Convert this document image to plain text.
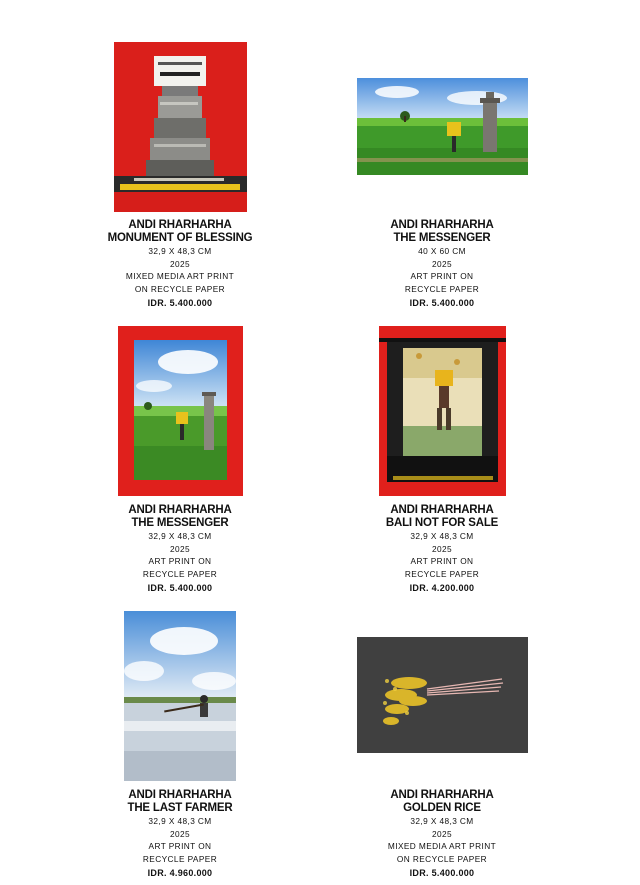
ANDI RHARHARHA
MONUMENT OF BLESSING
32,9 X 48,3 CM
2025
MIXED MEDIA ART PRINT
ON RECYCLE PAPER
IDR. 5.400.000
ANDI RHARHARHA
THE MESSENGER
40 X 60 CM
2025
ART PRINT ON
RECYCLE PAPER
IDR. 5.400.000
ANDI RHARHARHA
THE MESSENGER
32,9 X 48,3 CM
2025
ART PRINT ON
RECYCLE PAPER
IDR. 5.400.000
ANDI RHARHARHA
BALI NOT FOR SALE
32,9 X 48,3 CM
2025
ART PRINT ON
RECYCLE PAPER
IDR. 4.200.000
ANDI RHARHARHA
THE LAST FARMER
32,9 X 48,3 CM
2025
ART PRINT ON
RECYCLE PAPER
IDR. 4.960.000
ANDI RHARHARHA
GOLDEN RICE
32,9 X 48,3 CM
2025
MIXED MEDIA ART PRINT
ON RECYCLE PAPER
IDR. 5.400.000
